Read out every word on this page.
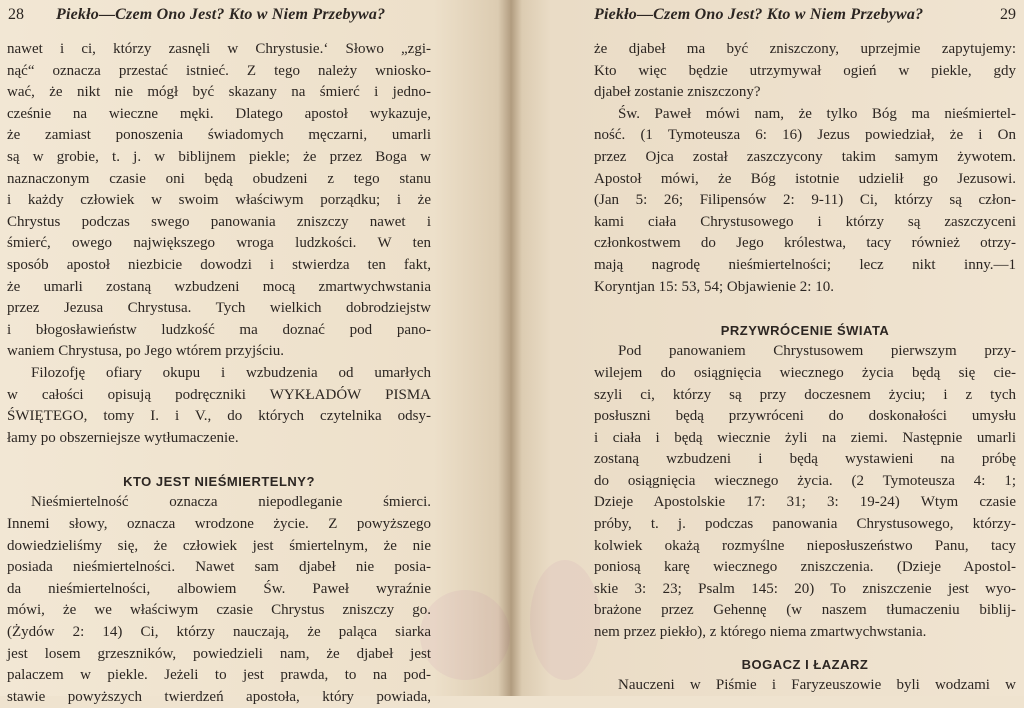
28 Piekło—Czem Ono Jest? Kto w Niem Przebywa?
nawet i ci, którzy zasnęli w Chrystusie.‘ Słowo „zgi-
nąć“ oznacza przestać istnieć. Z tego należy wniosko-
wać, że nikt nie mógł być skazany na śmierć i jedno-
cześnie na wieczne męki. Dlatego apostoł wykazuje,
że zamiast ponoszenia świadomych męczarni, umarli
są w grobie, t. j. w biblijnem piekle; że przez Boga w
naznaczonym czasie oni będą obudzeni z tego stanu
i każdy człowiek w swoim właściwym porządku; i że
Chrystus podczas swego panowania zniszczy nawet i
śmierć, owego największego wroga ludzkości. W ten
sposób apostoł niezbicie dowodzi i stwierdza ten fakt,
że umarli zostaną wzbudzeni mocą zmartwychwstania
przez Jezusa Chrystusa. Tych wielkich dobrodziejstw
i błogosławieństw ludzkość ma doznać pod pano-
waniem Chrystusa, po Jego wtórem przyjściu.
Filozofję ofiary okupu i wzbudzenia od umarłych
w całości opisują podręczniki WYKŁADÓW PISMA
ŚWIĘTEGO, tomy I. i V., do których czytelnika odsy-
łamy po obszerniejsze wytłumaczenie.
KTO JEST NIEŚMIERTELNY?
Nieśmiertelność oznacza niepodleganie śmierci.
Innemi słowy, oznacza wrodzone życie. Z powyższego
dowiedzieliśmy się, że człowiek jest śmiertelnym, że nie
posiada nieśmiertelności. Nawet sam djabeł nie posia-
da nieśmiertelności, albowiem Św. Paweł wyraźnie
mówi, że we właściwym czasie Chrystus zniszczy go.
(Żydów 2: 14) Ci, którzy nauczają, że paląca siarka
jest losem grzeszników, powiedzieli nam, że djabeł jest
palaczem w piekle. Jeżeli to jest prawda, to na pod-
stawie powyższych twierdzeń apostoła, który powiada,
Piekło—Czem Ono Jest? Kto w Niem Przebywa?	29
że djabeł ma być zniszczony, uprzejmie zapytujemy:
Kto więc będzie utrzymywał ogień w piekle, gdy
djabeł zostanie zniszczony?
Św. Paweł mówi nam, że tylko Bóg ma nieśmiertel-
ność. (1 Tymoteusza 6: 16) Jezus powiedział, że i On
przez Ojca został zaszczycony takim samym żywotem.
Apostoł mówi, że Bóg istotnie udzielił go Jezusowi.
(Jan 5: 26; Filipensów 2: 9-11) Ci, którzy są człon-
kami ciała Chrystusowego i którzy są zaszczyceni
członkostwem do Jego królestwa, tacy również otrzy-
mają nagrodę nieśmiertelności; lecz nikt inny.—1
Koryntjan 15: 53, 54; Objawienie 2: 10.
PRZYWRÓCENIE ŚWIATA
Pod panowaniem Chrystusowem pierwszym przy-
wilejem do osiągnięcia wiecznego życia będą się cie-
szyli ci, którzy są przy doczesnem życiu; i z tych
posłuszni będą przywróceni do doskonałości umysłu
i ciała i będą wiecznie żyli na ziemi. Następnie umarli
zostaną wzbudzeni i będą wystawieni na próbę
do osiągnięcia wiecznego życia. (2 Tymoteusza 4: 1;
Dzieje Apostolskie 17: 31; 3: 19-24) Wtym czasie
próby, t. j. podczas panowania Chrystusowego, którzy-
kolwiek okażą rozmyślne nieposłuszeństwo Panu, tacy
poniosą karę wiecznego zniszczenia. (Dzieje Apostol-
skie 3: 23; Psalm 145: 20) To zniszczenie jest wyo-
brażone przez Gehennę (w naszem tłumaczeniu biblij-
nem przez piekło), z którego niema zmartwychwstania.
BOGACZ I ŁAZARZ
Nauczeni w Piśmie i Faryzeuszowie byli wodzami w
